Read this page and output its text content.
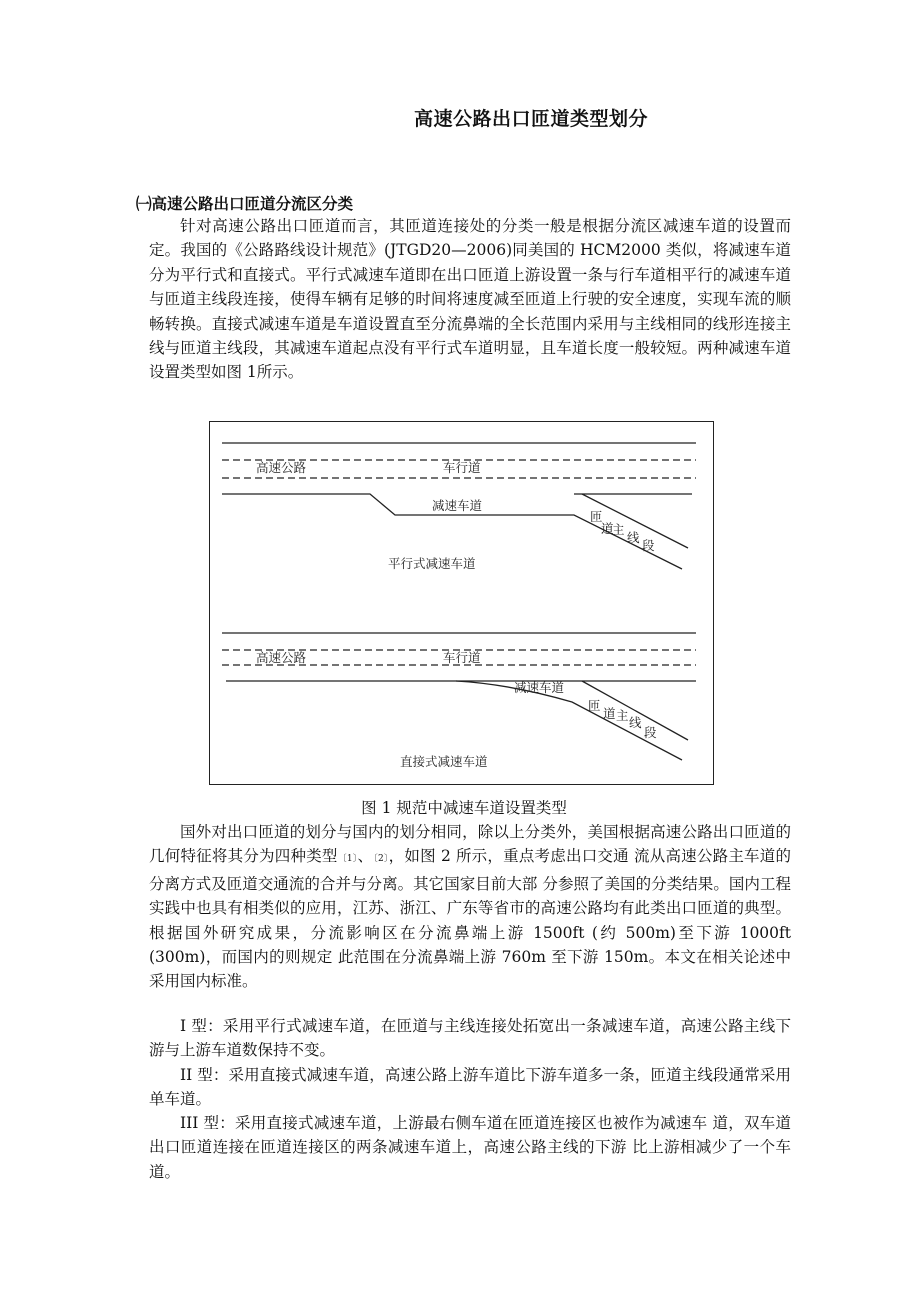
高速公路出口匝道类型划分
㈠高速公路出口匝道分流区分类

针对高速公路出口匝道而言，其匝道连接处的分类一般是根据分流区减速车道的设置而定。我国的《公路路线设计规范》(JTGD20—2006)同美国的 HCM2000 类似，将减速车道分为平行式和直接式。平行式减速车道即在出口匝道上游设置一条与行车道相平行的减速车道与匝道主线段连接，使得车辆有足够的时间将速度减至匝道上行驶的安全速度，实现车流的顺畅转换。直接式减速车道是车道设置直至分流鼻端的全长范围内采用与主线相同的线形连接主线与匝道主线段，其减速车道起点没有平行式车道明显，且车道长度一般较短。两种减速车道设置类型如图 1所示。

高速公路	车行道
减速车道
匝
道
主
线
段
平行式减速车道
高速公路	车行道
减速车道
匝
道 主 线
段
直接式减速车道
图 1 规范中减速车道设置类型

国外对出口匝道的划分与国内的划分相同，除以上分类外，美国根据高速公路出口匝道的几何特征将其分为四种类型〔1〕、〔2〕，如图 2 所示，重点考虑出口交通 流从高速公路主车道的分离方式及匝道交通流的合并与分离。其它国家目前大部 分参照了美国的分类结果。国内工程实践中也具有相类似的应用，江苏、浙江、广东等省市的高速公路均有此类出口匝道的典型。根据国外研究成果，分流影响区在分流鼻端上游 1500ft (约 500m)至下游 1000ft (300m)，而国内的则规定 此范围在分流鼻端上游 760m 至下游 150m。本文在相关论述中采用国内标准。

I 型：采用平行式减速车道，在匝道与主线连接处拓宽出一条减速车道，高速公路主线下游与上游车道数保持不变。

II 型：采用直接式减速车道，高速公路上游车道比下游车道多一条，匝道主线段通常采用单车道。

III 型：采用直接式减速车道，上游最右侧车道在匝道连接区也被作为减速车 道，双车道出口匝道连接在匝道连接区的两条减速车道上，高速公路主线的下游 比上游相减少了一个车道。
